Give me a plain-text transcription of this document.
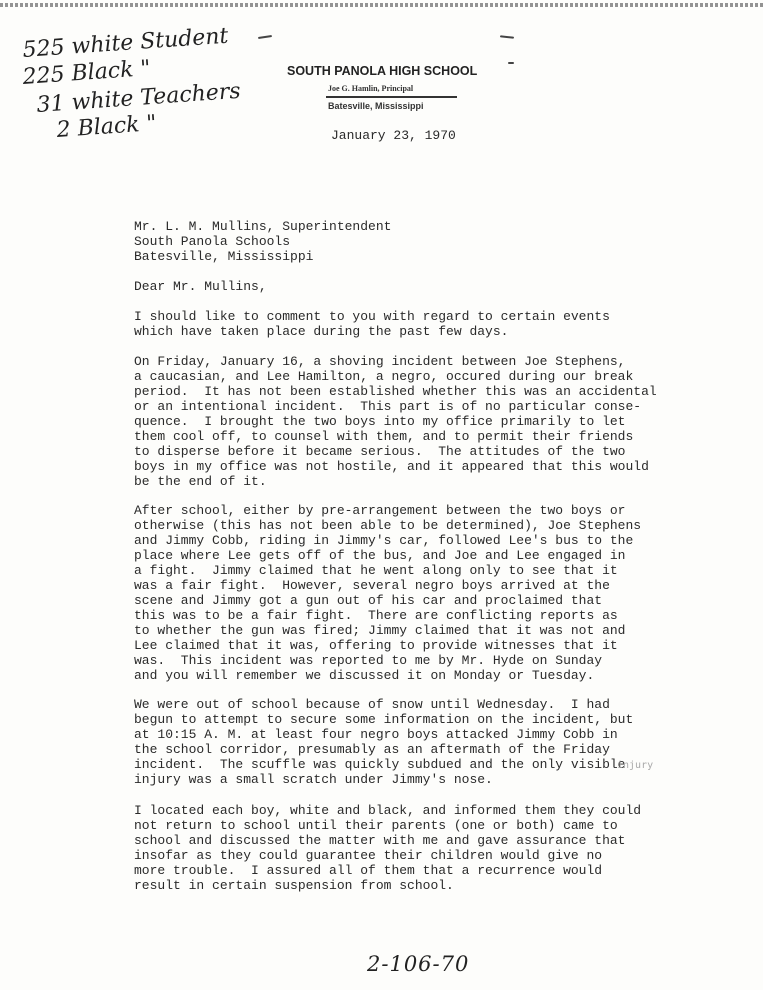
525 white Student
225 Black "
31 white Teachers
2 Black "
SOUTH PANOLA HIGH SCHOOL
Joe G. Hamlin, Principal
Batesville, Mississippi
January 23, 1970
Mr. L. M. Mullins, Superintendent
South Panola Schools
Batesville, Mississippi
Dear Mr. Mullins,

I should like to comment to you with regard to certain events
which have taken place during the past few days.

On Friday, January 16, a shoving incident between Joe Stephens,
a caucasian, and Lee Hamilton, a negro, occured during our break
period.  It has not been established whether this was an accidental
or an intentional incident.  This part is of no particular conse-
quence.  I brought the two boys into my office primarily to let
them cool off, to counsel with them, and to permit their friends
to disperse before it became serious.  The attitudes of the two
boys in my office was not hostile, and it appeared that this would
be the end of it.

After school, either by pre-arrangement between the two boys or
otherwise (this has not been able to be determined), Joe Stephens
and Jimmy Cobb, riding in Jimmy's car, followed Lee's bus to the
place where Lee gets off of the bus, and Joe and Lee engaged in
a fight.  Jimmy claimed that he went along only to see that it
was a fair fight.  However, several negro boys arrived at the
scene and Jimmy got a gun out of his car and proclaimed that
this was to be a fair fight.  There are conflicting reports as
to whether the gun was fired; Jimmy claimed that it was not and
Lee claimed that it was, offering to provide witnesses that it
was.  This incident was reported to me by Mr. Hyde on Sunday
and you will remember we discussed it on Monday or Tuesday.

We were out of school because of snow until Wednesday.  I had
begun to attempt to secure some information on the incident, but
at 10:15 A. M. at least four negro boys attacked Jimmy Cobb in
the school corridor, presumably as an aftermath of the Friday
incident.  The scuffle was quickly subdued and the only visible
injury was a small scratch under Jimmy's nose.

I located each boy, white and black, and informed them they could
not return to school until their parents (one or both) came to
school and discussed the matter with me and gave assurance that
insofar as they could guarantee their children would give no
more trouble.  I assured all of them that a recurrence would
result in certain suspension from school.

injury
2-106-70
